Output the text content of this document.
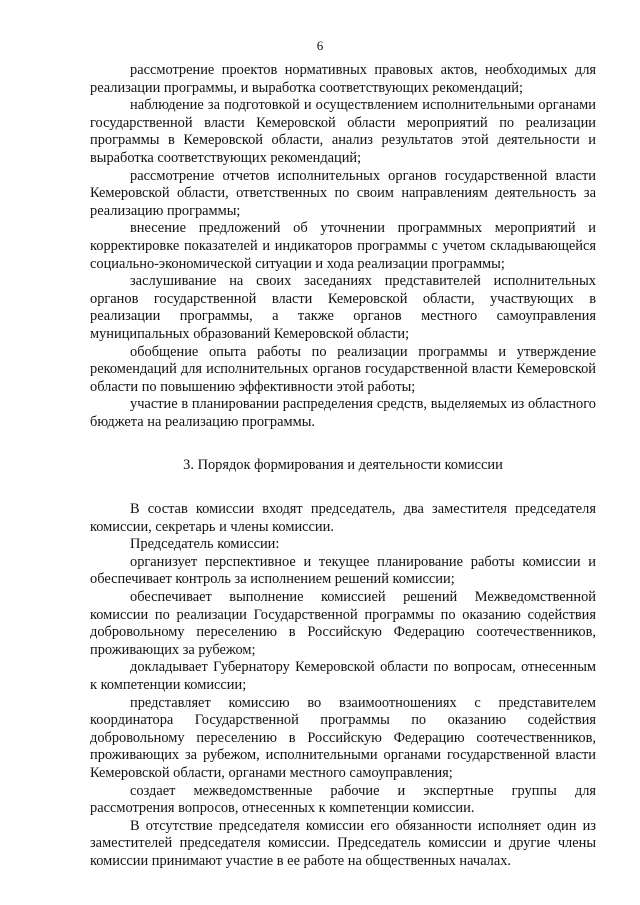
6

рассмотрение проектов нормативных правовых актов, необходимых для реализации программы, и выработка соответствующих рекомендаций;

наблюдение за подготовкой и осуществлением исполнительными органами государственной власти Кемеровской области мероприятий по реализации программы в Кемеровской области, анализ результатов этой деятельности и выработка соответствующих рекомендаций;

рассмотрение отчетов исполнительных органов государственной власти Кемеровской области, ответственных по своим направлениям деятельность за реализацию программы;

внесение предложений об уточнении программных мероприятий и корректировке показателей и индикаторов программы с учетом складывающейся социально-экономической ситуации и хода реализации программы;

заслушивание на своих заседаниях представителей исполнительных органов государственной власти Кемеровской области, участвующих в реализации программы, а также органов местного самоуправления муниципальных образований Кемеровской области;

обобщение опыта работы по реализации программы и утверждение рекомендаций для исполнительных органов государственной власти Кемеровской области по повышению эффективности этой работы;

участие в планировании распределения средств, выделяемых из областного бюджета на реализацию программы.

3. Порядок формирования и деятельности комиссии

В состав комиссии входят председатель, два заместителя председателя комиссии, секретарь и члены комиссии.

Председатель комиссии:

организует перспективное и текущее планирование работы комиссии и обеспечивает контроль за исполнением решений комиссии;

обеспечивает выполнение комиссией решений Межведомственной комиссии по реализации Государственной программы по оказанию содействия добровольному переселению в Российскую Федерацию соотечественников, проживающих за рубежом;

докладывает Губернатору Кемеровской области по вопросам, отнесенным к компетенции комиссии;

представляет комиссию во взаимоотношениях с представителем координатора Государственной программы по оказанию содействия добровольному переселению в Российскую Федерацию соотечественников, проживающих за рубежом, исполнительными органами государственной власти Кемеровской области, органами местного самоуправления;

создает межведомственные рабочие и экспертные группы для рассмотрения вопросов, отнесенных к компетенции комиссии.

В отсутствие председателя комиссии его обязанности исполняет один из заместителей председателя комиссии. Председатель комиссии и другие члены комиссии принимают участие в ее работе на общественных началах.
